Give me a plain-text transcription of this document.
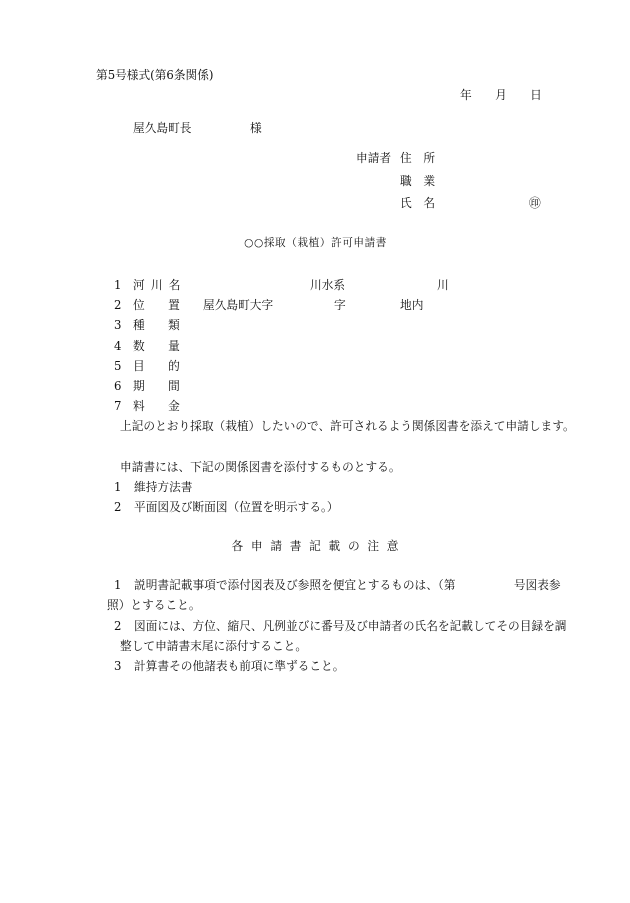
第5号様式(第6条関係)
年　　月　　日
屋久島町長	様
申請者 住　所
職　業
氏　名	㊞
○○採取（栽植）許可申請書
1 河 川 名	川水系	川
2 位　　置 屋久島町大字	字	地内
3 種　　類
4 数　　量
5 目　　的
6 期　　間
7 料　　金
上記のとおり採取（栽植）したいので、許可されるよう関係図書を添えて申請します。
申請書には、下記の関係図書を添付するものとする。
1 維持方法書
2 平面図及び断面図（位置を明示する。）
各 申 請 書 記 載 の 注 意
1 説明書記載事項で添付図表及び参照を便宜とするものは、（第　　　　　号図表参
照）とすること。
2 図面には、方位、縮尺、凡例並びに番号及び申請者の氏名を記載してその目録を調
整して申請書末尾に添付すること。
3 計算書その他諸表も前項に準ずること。
